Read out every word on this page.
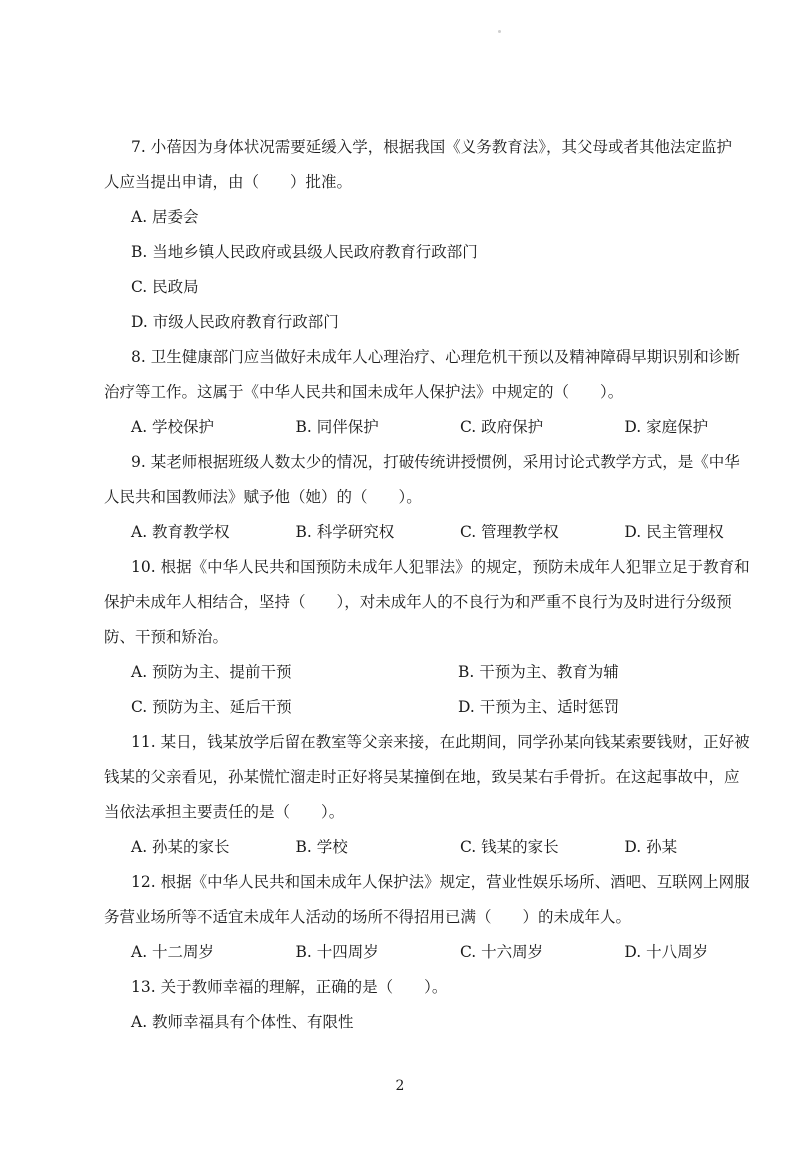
7. 小蓓因为身体状况需要延缓入学，根据我国《义务教育法》，其父母或者其他法定监护
人应当提出申请，由（　　）批准。
A. 居委会
B. 当地乡镇人民政府或县级人民政府教育行政部门
C. 民政局
D. 市级人民政府教育行政部门
8. 卫生健康部门应当做好未成年人心理治疗、心理危机干预以及精神障碍早期识别和诊断
治疗等工作。这属于《中华人民共和国未成年人保护法》中规定的（　　）。
A. 学校保护	B. 同伴保护	C. 政府保护	D. 家庭保护
9. 某老师根据班级人数太少的情况，打破传统讲授惯例，采用讨论式教学方式，是《中华
人民共和国教师法》赋予他（她）的（　　）。
A. 教育教学权	B. 科学研究权	C. 管理教学权	D. 民主管理权
10. 根据《中华人民共和国预防未成年人犯罪法》的规定，预防未成年人犯罪立足于教育和
保护未成年人相结合，坚持（　　），对未成年人的不良行为和严重不良行为及时进行分级预
防、干预和矫治。
A. 预防为主、提前干预	B. 干预为主、教育为辅
C. 预防为主、延后干预	D. 干预为主、适时惩罚
11. 某日，钱某放学后留在教室等父亲来接，在此期间，同学孙某向钱某索要钱财，正好被
钱某的父亲看见，孙某慌忙溜走时正好将吴某撞倒在地，致吴某右手骨折。在这起事故中，应
当依法承担主要责任的是（　　）。
A. 孙某的家长	B. 学校	C. 钱某的家长	D. 孙某
12. 根据《中华人民共和国未成年人保护法》规定，营业性娱乐场所、酒吧、互联网上网服
务营业场所等不适宜未成年人活动的场所不得招用已满（　　）的未成年人。
A. 十二周岁	B. 十四周岁	C. 十六周岁	D. 十八周岁
13. 关于教师幸福的理解，正确的是（　　）。
A. 教师幸福具有个体性、有限性
2
